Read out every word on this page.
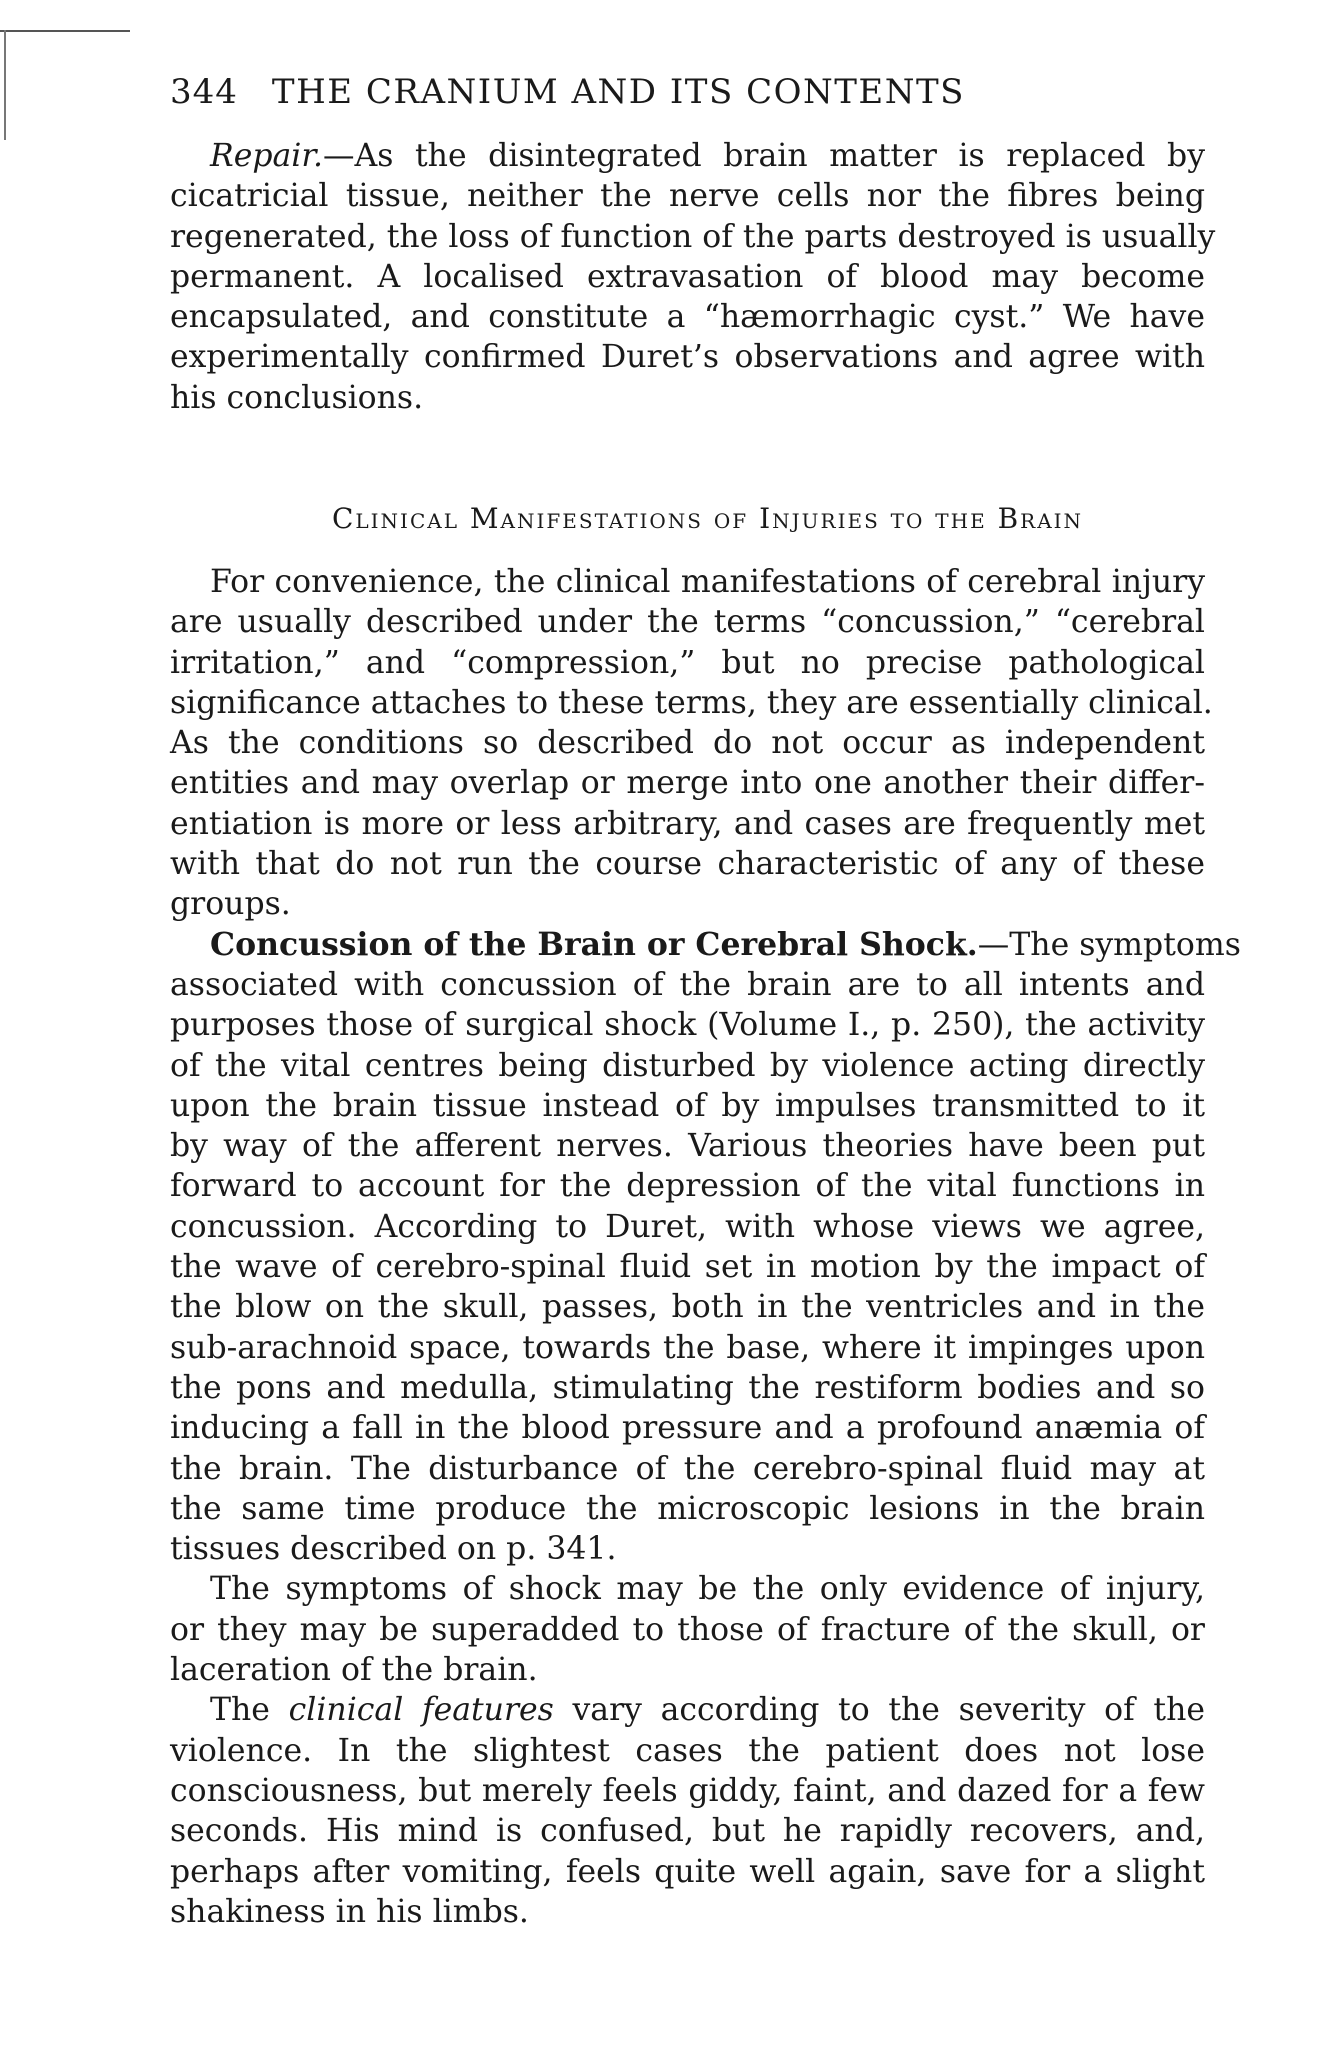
344 THE CRANIUM AND ITS CONTENTS
Repair.—As the disintegrated brain matter is replaced by
cicatricial tissue, neither the nerve cells nor the fibres being
regenerated, the loss of function of the parts destroyed is usually
permanent. A localised extravasation of blood may become
encapsulated, and constitute a “hæmorrhagic cyst.” We have
experimentally confirmed Duret’s observations and agree with
his conclusions.
Clinical Manifestations of Injuries to the Brain
For convenience, the clinical manifestations of cerebral injury
are usually described under the terms “concussion,” “cerebral
irritation,” and “compression,” but no precise pathological
significance attaches to these terms, they are essentially clinical.
As the conditions so described do not occur as independent
entities and may overlap or merge into one another their differ-
entiation is more or less arbitrary, and cases are frequently met
with that do not run the course characteristic of any of these
groups.
Concussion of the Brain or Cerebral Shock.—The symptoms
associated with concussion of the brain are to all intents and
purposes those of surgical shock (Volume I., p. 250), the activity
of the vital centres being disturbed by violence acting directly
upon the brain tissue instead of by impulses transmitted to it
by way of the afferent nerves. Various theories have been put
forward to account for the depression of the vital functions in
concussion. According to Duret, with whose views we agree,
the wave of cerebro-spinal fluid set in motion by the impact of
the blow on the skull, passes, both in the ventricles and in the
sub-arachnoid space, towards the base, where it impinges upon
the pons and medulla, stimulating the restiform bodies and so
inducing a fall in the blood pressure and a profound anæmia of
the brain. The disturbance of the cerebro-spinal fluid may at
the same time produce the microscopic lesions in the brain
tissues described on p. 341.
The symptoms of shock may be the only evidence of injury,
or they may be superadded to those of fracture of the skull, or
laceration of the brain.
The clinical features vary according to the severity of the
violence. In the slightest cases the patient does not lose
consciousness, but merely feels giddy, faint, and dazed for a few
seconds. His mind is confused, but he rapidly recovers, and,
perhaps after vomiting, feels quite well again, save for a slight
shakiness in his limbs.
